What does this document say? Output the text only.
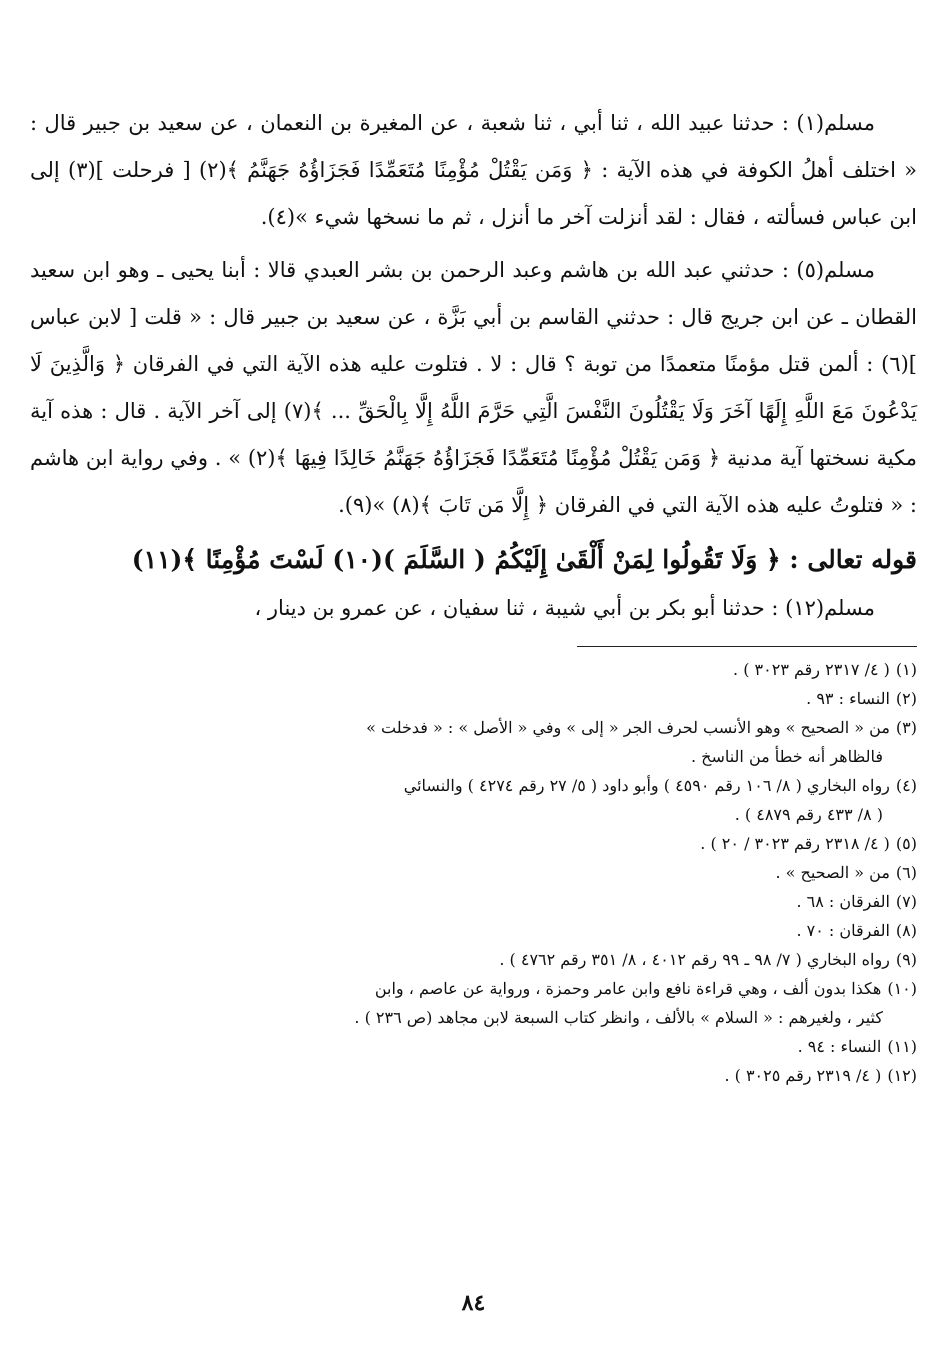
مسلم(١) : حدثنا عبيد الله ، ثنا أبي ، ثنا شعبة ، عن المغيرة بن النعمان ، عن سعيد بن جبير قال : « اختلف أهلُ الكوفة في هذه الآية : ﴿ وَمَن يَقْتُلْ مُؤْمِنًا مُتَعَمِّدًا فَجَزَاؤُهُ جَهَنَّمُ ﴾(٢) [ فرحلت ](٣) إلى ابن عباس فسألته ، فقال : لقد أنزلت آخر ما أنزل ، ثم ما نسخها شيء »(٤).

مسلم(٥) : حدثني عبد الله بن هاشم وعبد الرحمن بن بشر العبدي قالا : أبنا يحيى ـ وهو ابن سعيد القطان ـ عن ابن جريج قال : حدثني القاسم بن أبي بَزَّة ، عن سعيد بن جبير قال : « قلت [ لابن عباس ](٦) : ألمن قتل مؤمنًا متعمدًا من توبة ؟ قال : لا . فتلوت عليه هذه الآية التي في الفرقان ﴿ وَالَّذِينَ لَا يَدْعُونَ مَعَ اللَّهِ إِلَهًا آخَرَ وَلَا يَقْتُلُونَ النَّفْسَ الَّتِي حَرَّمَ اللَّهُ إِلَّا بِالْحَقِّ ... ﴾(٧) إلى آخر الآية . قال : هذه آية مكية نسختها آية مدنية ﴿ وَمَن يَقْتُلْ مُؤْمِنًا مُتَعَمِّدًا فَجَزَاؤُهُ جَهَنَّمُ خَالِدًا فِيهَا ﴾(٢) » . وفي رواية ابن هاشم : « فتلوتُ عليه هذه الآية التي في الفرقان ﴿ إِلَّا مَن تَابَ ﴾(٨) »(٩).

قوله تعالى : ﴿ وَلَا تَقُولُوا لِمَنْ أَلْقَىٰ إِلَيْكُمُ ( السَّلَمَ )(١٠) لَسْتَ مُؤْمِنًا ﴾(١١)

مسلم(١٢) : حدثنا أبو بكر بن أبي شيبة ، ثنا سفيان ، عن عمرو بن دينار ،

(١)( ٤/ ٢٣١٧ رقم ٣٠٢٣ ) .

(٢)النساء : ٩٣ .

(٣)من « الصحيح » وهو الأنسب لحرف الجر « إلى » وفي « الأصل » : « فدخلت »

فالظاهر أنه خطأ من الناسخ .

(٤)رواه البخاري ( ٨/ ١٠٦ رقم ٤٥٩٠ ) وأبو داود ( ٥/ ٢٧ رقم ٤٢٧٤ ) والنسائي

( ٨/ ٤٣٣ رقم ٤٨٧٩ ) .

(٥)( ٤/ ٢٣١٨ رقم ٣٠٢٣ / ٢٠ ) .

(٦)من « الصحيح » .

(٧)الفرقان : ٦٨ .

(٨)الفرقان : ٧٠ .

(٩)رواه البخاري ( ٧/ ٩٨ ـ ٩٩ رقم ٤٠١٢ ، ٨/ ٣٥١ رقم ٤٧٦٢ ) .

(١٠)هكذا بدون ألف ، وهي قراءة نافع وابن عامر وحمزة ، ورواية عن عاصم ، وابن

كثير ، ولغيرهم : « السلام » بالألف ، وانظر كتاب السبعة لابن مجاهد (ص ٢٣٦ ) .

(١١)النساء : ٩٤ .

(١٢)( ٤/ ٢٣١٩ رقم ٣٠٢٥ ) .

٨٤
